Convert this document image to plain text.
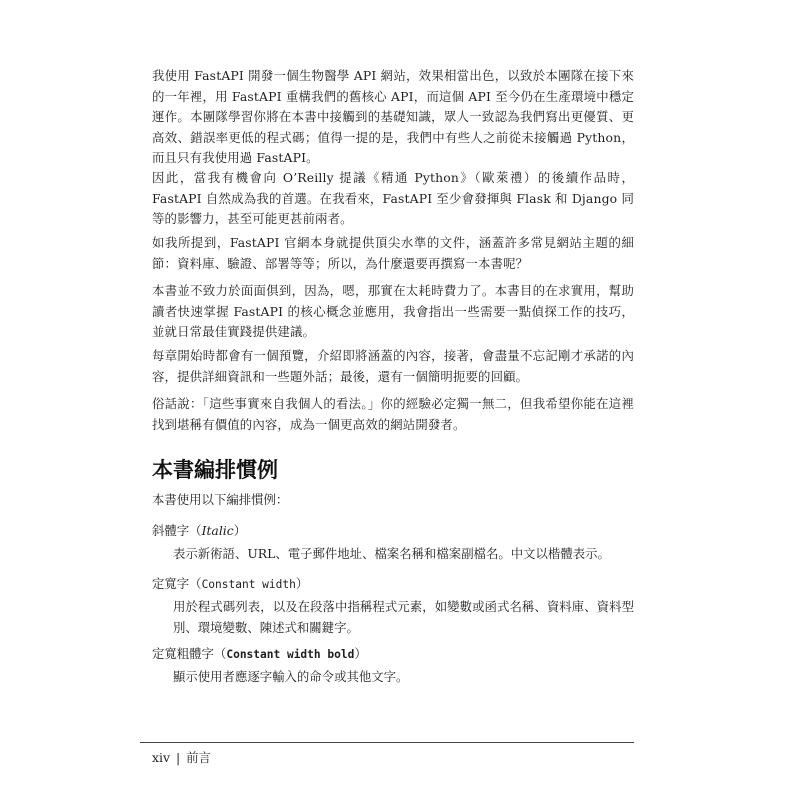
我使用 FastAPI 開發一個生物醫學 API 網站，效果相當出色，以致於本團隊在接下來的一年裡，用 FastAPI 重構我們的舊核心 API，而這個 API 至今仍在生產環境中穩定運作。本團隊學習你將在本書中接觸到的基礎知識，眾人一致認為我們寫出更優質、更高效、錯誤率更低的程式碼；值得一提的是，我們中有些人之前從未接觸過 Python，而且只有我使用過 FastAPI。

因此，當我有機會向 O’Reilly 提議《精通 Python》（歐萊禮）的後續作品時，FastAPI 自然成為我的首選。在我看來，FastAPI 至少會發揮與 Flask 和 Django 同等的影響力，甚至可能更甚前兩者。

如我所提到，FastAPI 官網本身就提供頂尖水準的文件，涵蓋許多常見網站主題的細節：資料庫、驗證、部署等等；所以，為什麼還要再撰寫一本書呢？

本書並不致力於面面俱到，因為，嗯，那實在太耗時費力了。本書目的在求實用，幫助讀者快速掌握 FastAPI 的核心概念並應用，我會指出一些需要一點偵探工作的技巧，並就日常最佳實踐提供建議。

每章開始時都會有一個預覽，介紹即將涵蓋的內容，接著，會盡量不忘記剛才承諾的內容，提供詳細資訊和一些題外話；最後，還有一個簡明扼要的回顧。

俗話說：「這些事實來自我個人的看法。」你的經驗必定獨一無二，但我希望你能在這裡找到堪稱有價值的內容，成為一個更高效的網站開發者。

本書編排慣例

本書使用以下編排慣例：

斜體字（Italic）

表示新術語、URL、電子郵件地址、檔案名稱和檔案副檔名。中文以楷體表示。

定寬字（Constant width）

用於程式碼列表，以及在段落中指稱程式元素，如變數或函式名稱、資料庫、資料型別、環境變數、陳述式和關鍵字。

定寬粗體字（Constant width bold）

顯示使用者應逐字輸入的命令或其他文字。

xiv | 前言
